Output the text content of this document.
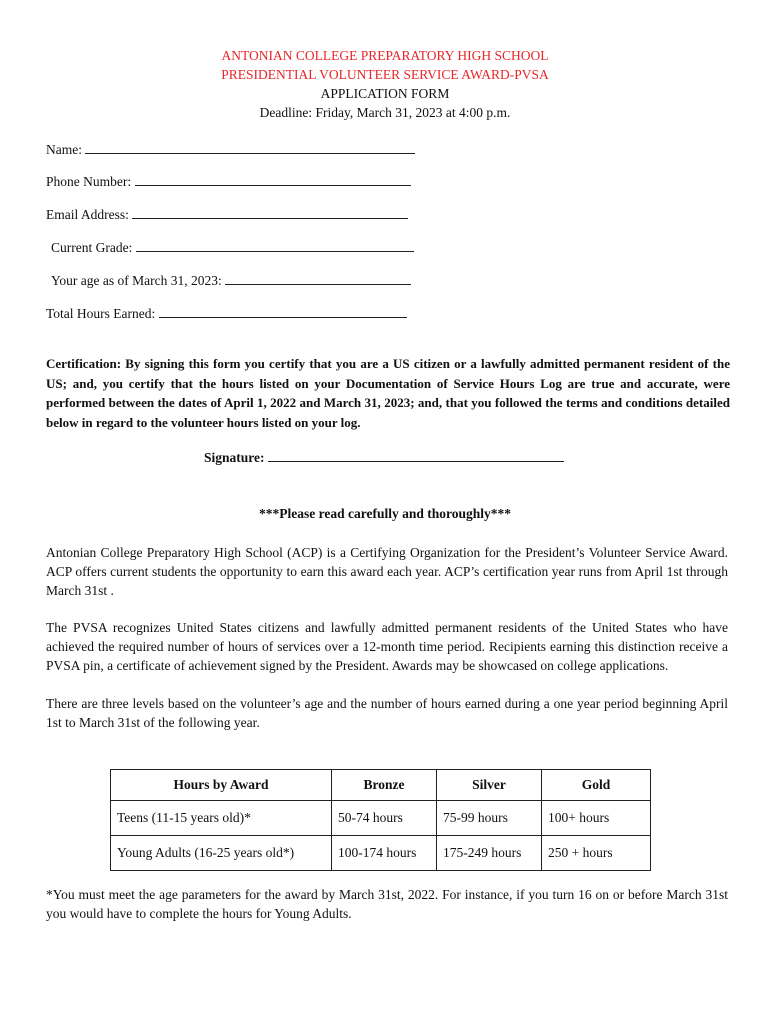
ANTONIAN COLLEGE PREPARATORY HIGH SCHOOL
PRESIDENTIAL VOLUNTEER SERVICE AWARD-PVSA
APPLICATION FORM
Deadline: Friday, March 31, 2023 at 4:00 p.m.
Name:
Phone Number:
Email Address:
Current Grade:
Your age as of March 31, 2023:
Total Hours Earned:
Certification: By signing this form you certify that you are a US citizen or a lawfully admitted permanent resident of the US; and, you certify that the hours listed on your Documentation of Service Hours Log are true and accurate, were performed between the dates of April 1, 2022 and March 31, 2023; and, that you followed the terms and conditions detailed below in regard to the volunteer hours listed on your log.
Signature:
***Please read carefully and thoroughly***
Antonian College Preparatory High School (ACP) is a Certifying Organization for the President’s Volunteer Service Award. ACP offers current students the opportunity to earn this award each year. ACP’s certification year runs from April 1st through March 31st .
The PVSA recognizes United States citizens and lawfully admitted permanent residents of the United States who have achieved the required number of hours of services over a 12-month time period. Recipients earning this distinction receive a PVSA pin, a certificate of achievement signed by the President. Awards may be showcased on college applications.
There are three levels based on the volunteer’s age and the number of hours earned during a one year period beginning April 1st to March 31st of the following year.
Hours by Award	Bronze	Silver	Gold
Teens (11-15 years old)*	50-74 hours	75-99 hours	100+ hours
Young Adults (16-25 years old*)	100-174 hours	175-249 hours	250 + hours
*You must meet the age parameters for the award by March 31st, 2022. For instance, if you turn 16 on or before March 31st you would have to complete the hours for Young Adults.
